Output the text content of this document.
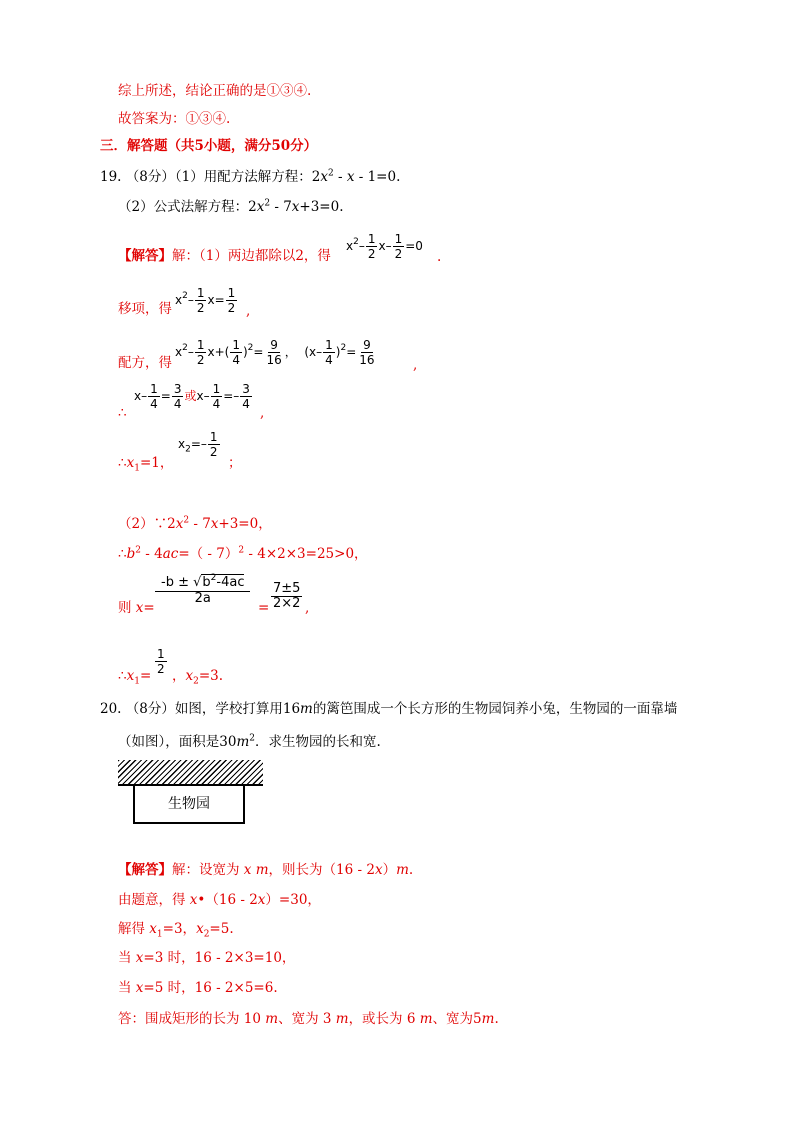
综上所述，结论正确的是①③④.
故答案为：①③④.
三．解答题（共5小题，满分50分）
19. （8分）（1）用配方法解方程：$2x^2 - x - 1=0$.
（2）公式法解方程：$2x^2 - 7x+3=0$.
【解答】解：（1）两边都除以2，得
$x^2- \frac{1}{2} x- \frac{1}{2} =0$
.
移项，得
$x^2- \frac{1}{2} x= \frac{1}{2}$ ,
配方，得
$x^2- \frac{1}{2} x+( \frac{1}{4} )^2= \frac{9}{16}$ ，  $(x- \frac{1}{4} )^2= \frac{9}{16}$	,
∴
$x- \frac{1}{4} = \frac{3}{4}$ 或$x- \frac{1}{4} =- \frac{3}{4}$
,
$\therefore x_1=1$，
$x_2=- \frac{1}{2}$
；
$(2)\because 2x^2 - 7x+3=0$，
$\therefore b^2 - 4ac=( - 7)^2 - 4\times 2\times 3=25>0$，
则 x=
$\frac{-b \pm √b^2-4ac}{2a}$
= $\frac{7\pm 5}{2\times 2}$ ,
$\therefore x_1= \frac{1}{2}$ ，$x_2=3$.
20. （8分）如图，学校打算用16m的篱笆围成一个长方形的生物园饲养小兔，生物园的一面靠墙
（如图），面积是$30m^2$．求生物园的长和宽.
生物园
【解答】解：设宽为 x m，则长为（16 - 2x）m.
由题意，得 x•（16 - 2x）=30，
解得 $x_1=3$，$x_2=5$.
当 x=3 时，16 - 2×3=10，
当 x=5 时，16 - 2×5=6.
答：围成矩形的长为 10 m、宽为 3 m，或长为 6 m、宽为5m.
